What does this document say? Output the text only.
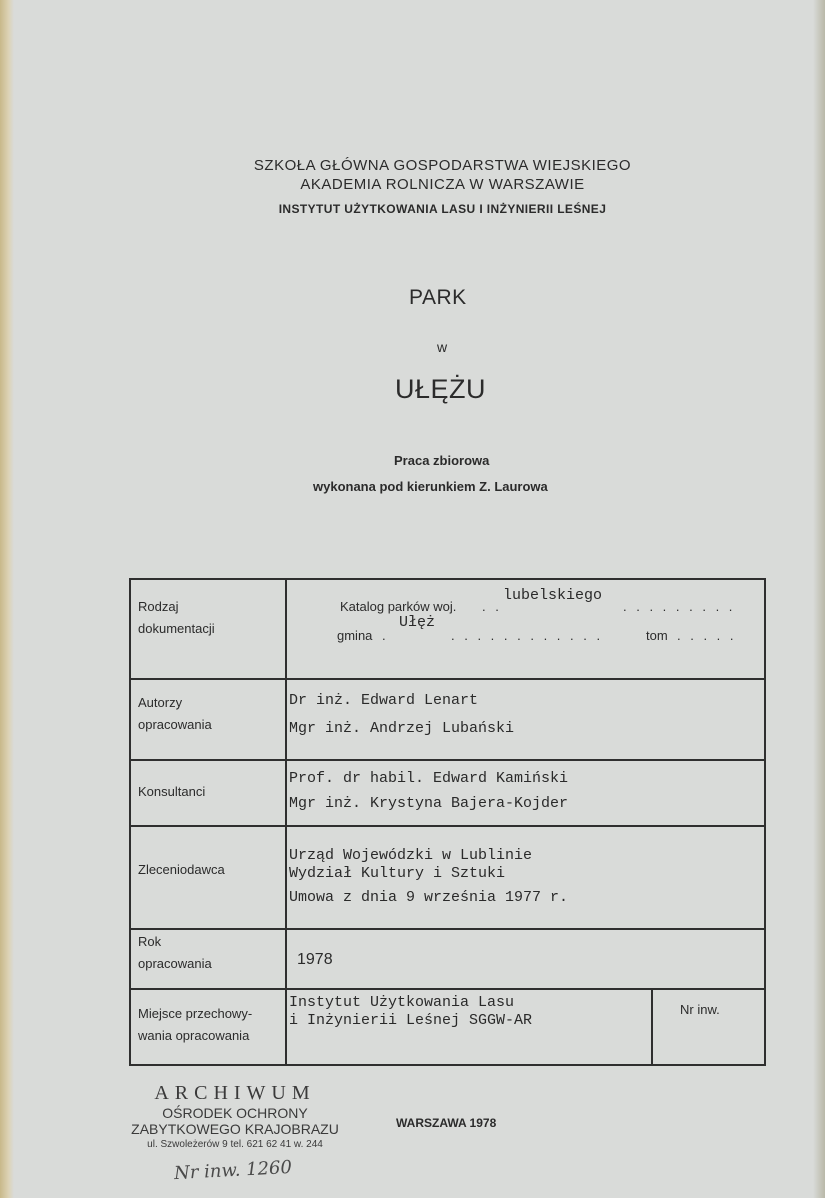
SZKOŁA GŁÓWNA GOSPODARSTWA WIEJSKIEGO
AKADEMIA ROLNICZA W WARSZAWIE
INSTYTUT UŻYTKOWANIA LASU I INŻYNIERII LEŚNEJ
PARK
w
UŁĘŻU
Praca zbiorowa
wykonana pod kierunkiem Z. Laurowa
Rodzaj
dokumentacji
Katalog parków woj. . .
lubelskiego
. . . . . . . . .
gmina .
Ułęż
. . . . . . . . . . . .	tom . . . . .
Autorzy
opracowania
Dr inż. Edward Lenart
Mgr inż. Andrzej Lubański
Konsultanci
Prof. dr habil. Edward Kamiński
Mgr inż. Krystyna Bajera-Kojder
Zleceniodawca
Urząd Wojewódzki w Lublinie
Wydział Kultury i Sztuki
Umowa z dnia 9 września 1977 r.
Rok
opracowania	1978
Miejsce przechowy-
wania opracowania
Instytut Użytkowania Lasu
i Inżynierii Leśnej SGGW-AR
Nr inw.
ARCHIWUM
OŚRODEK OCHRONY
ZABYTKOWEGO KRAJOBRAZU
ul. Szwoleżerów 9 tel. 621 62 41 w. 244
WARSZAWA 1978
Nr inw. 1260
